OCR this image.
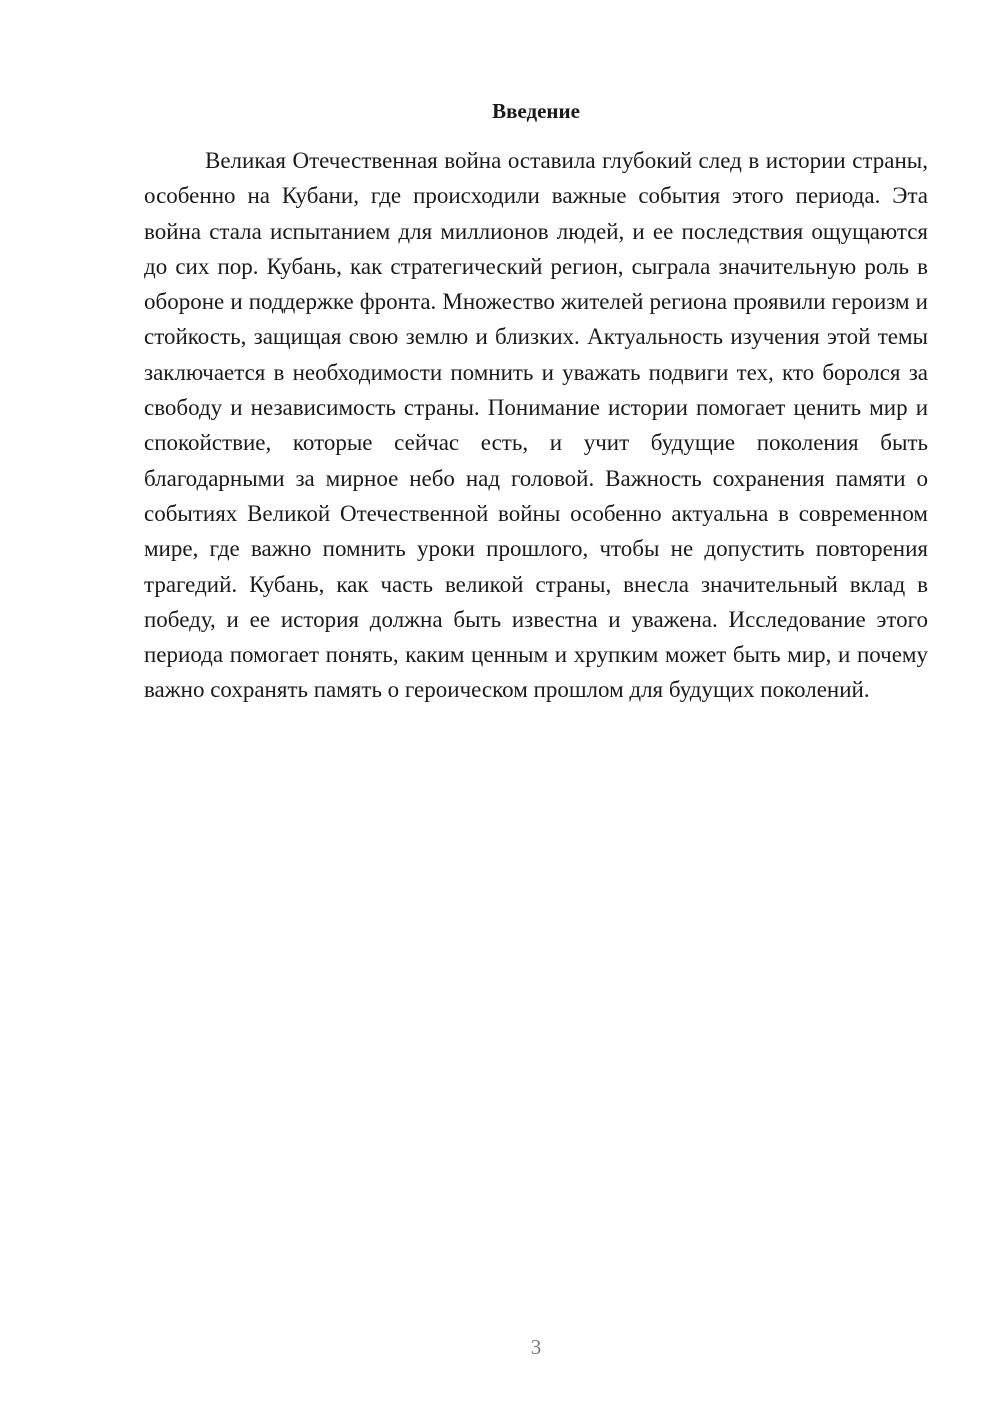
Введение

Великая Отечественная война оставила глубокий след в истории страны, особенно на Кубани, где происходили важные события этого периода. Эта война стала испытанием для миллионов людей, и ее последствия ощущаются до сих пор. Кубань, как стратегический регион, сыграла значительную роль в обороне и поддержке фронта. Множество жителей региона проявили героизм и стойкость, защищая свою землю и близких. Актуальность изучения этой темы заключается в необходимости помнить и уважать подвиги тех, кто боролся за свободу и независимость страны. Понимание истории помогает ценить мир и спокойствие, которые сейчас есть, и учит будущие поколения быть благодарными за мирное небо над головой. Важность сохранения памяти о событиях Великой Отечественной войны особенно актуальна в современном мире, где важно помнить уроки прошлого, чтобы не допустить повторения трагедий. Кубань, как часть великой страны, внесла значительный вклад в победу, и ее история должна быть известна и уважена. Исследование этого периода помогает понять, каким ценным и хрупким может быть мир, и почему важно сохранять память о героическом прошлом для будущих поколений.

3
